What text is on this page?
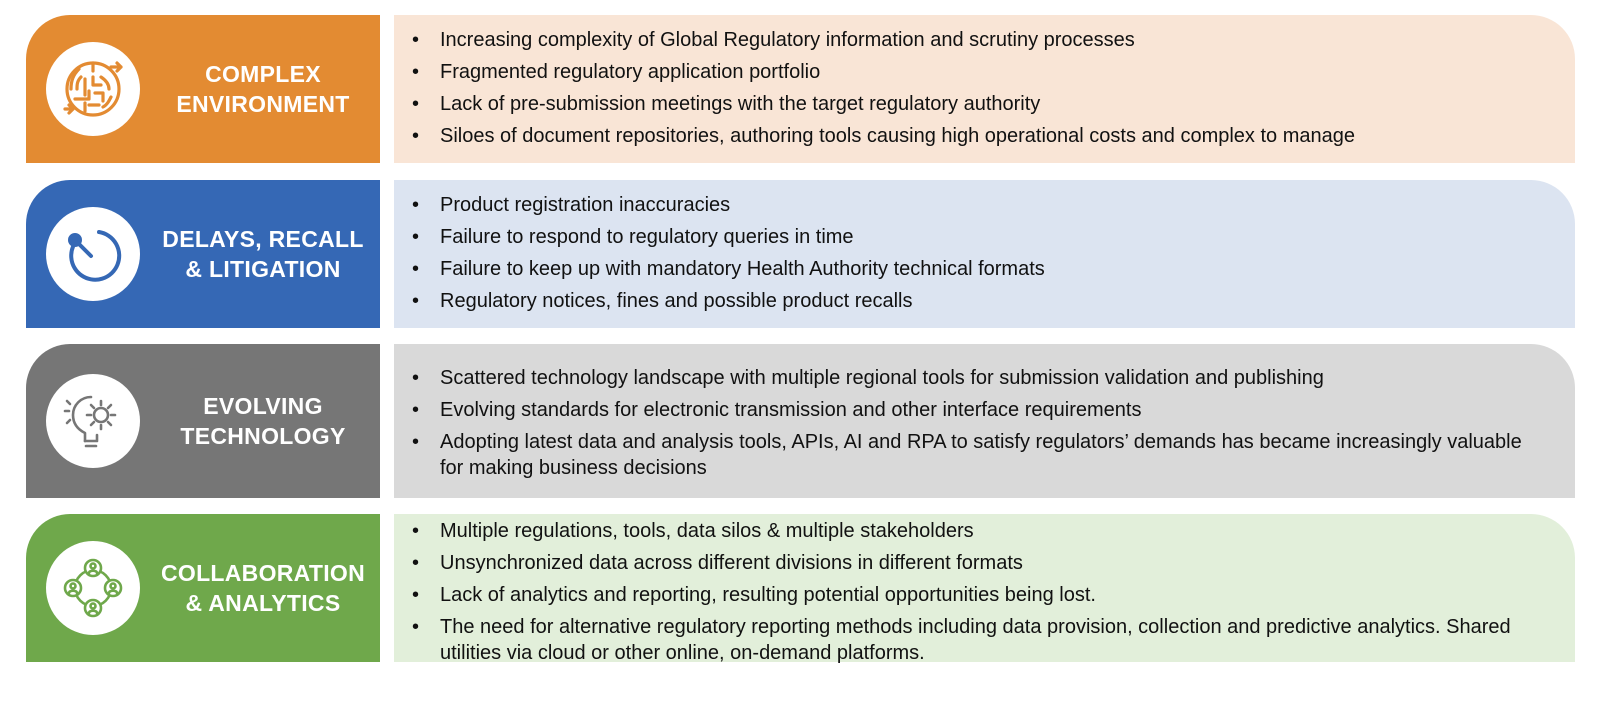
COMPLEX
ENVIRONMENT
• Increasing complexity of Global Regulatory information and scrutiny processes
• Fragmented regulatory application portfolio
• Lack of pre-submission meetings with the target regulatory authority
• Siloes of document repositories, authoring tools causing high operational costs and complex to manage
DELAYS, RECALL
& LITIGATION
• Product registration inaccuracies
• Failure to respond to regulatory queries in time
• Failure to keep up with mandatory Health Authority technical formats
• Regulatory notices, fines and possible product recalls
EVOLVING
TECHNOLOGY
• Scattered technology landscape with multiple regional tools for submission validation and publishing
• Evolving standards for electronic transmission and other interface requirements
• Adopting latest data and analysis tools, APIs, AI and RPA to satisfy regulators’ demands has became increasingly valuable for making business decisions
COLLABORATION
& ANALYTICS
• Multiple regulations, tools, data silos & multiple stakeholders
• Unsynchronized data across different divisions in different formats
• Lack of analytics and reporting, resulting potential opportunities being lost.
• The need for alternative regulatory reporting methods including data provision, collection and predictive analytics. Shared utilities via cloud or other online, on-demand platforms.
